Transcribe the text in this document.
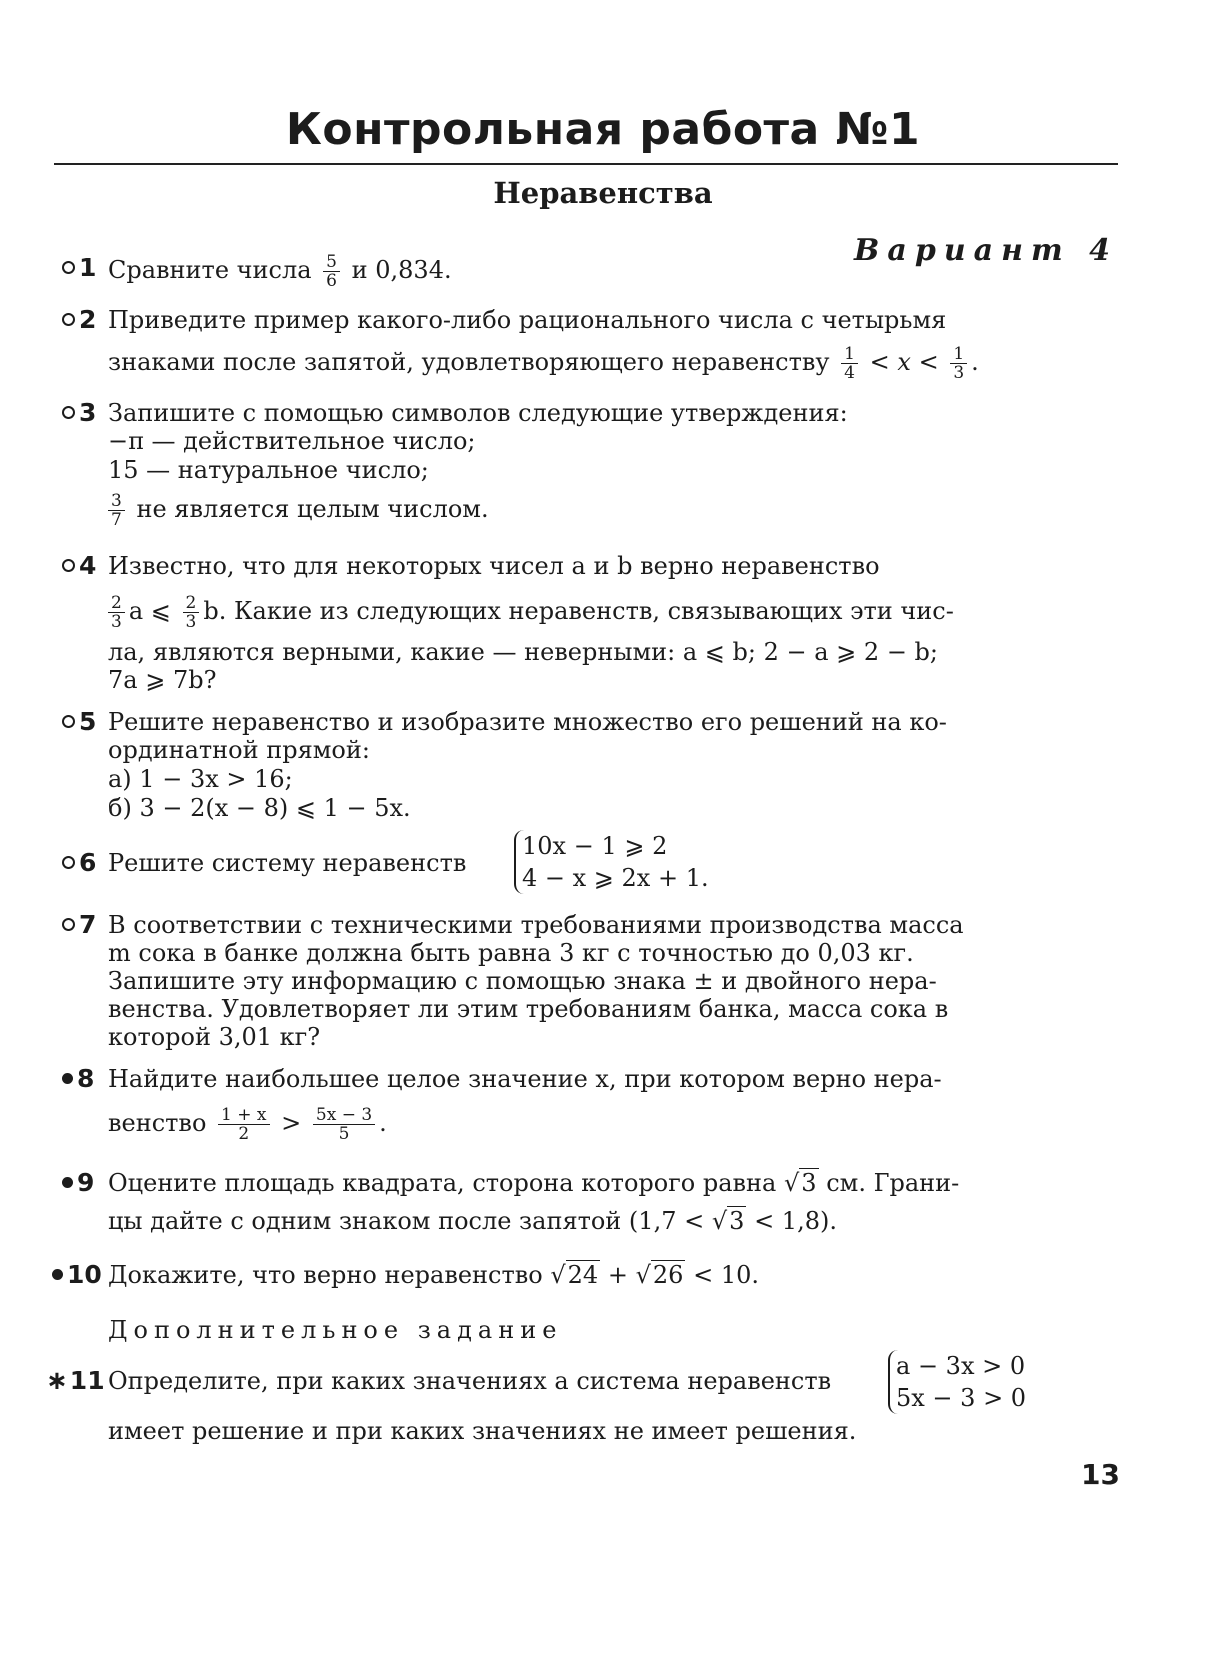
Контрольная работа №1
Неравенства
Вариант 4
1 Сравните числа $\frac{5}{6}$ и 0,834.
2 Приведите пример какого-либо рационального числа с четырьмя
знаками после запятой, удовлетворяющего неравенству $\frac{1}{4} < x < \frac{1}{3}$ .
3 Запишите с помощью символов следующие утверждения:
−π — действительное число;
15 — натуральное число;
$\frac{3}{7}$ не является целым числом.
4 Известно, что для некоторых чисел a и b верно неравенство
$\frac{2}{3}$ a ⩽ $\frac{2}{3} b$. Какие из следующих неравенств, связывающих эти чис-
ла, являются верными, какие — неверными: a ⩽ b; 2 − a ⩾ 2 − b;
7a ⩾ 7b?
5 Решите неравенство и изобразите множество его решений на ко-
ординатной прямой:
а) 1 − 3x > 16;
б) 3 − 2(x − 8) ⩽ 1 − 5x.
6 Решите систему неравенств
10x − 1 ⩾ 2
4 − x ⩾ 2x + 1.
7 В соответствии с техническими требованиями производства масса
m сока в банке должна быть равна 3 кг с точностью до 0,03 кг.
Запишите эту информацию с помощью знака ± и двойного нера-
венства. Удовлетворяет ли этим требованиям банка, масса сока в
которой 3,01 кг?
8 Найдите наибольшее целое значение x, при котором верно нера-
венство $\frac{1 + x}{2} > \frac{5x - 3}{5}$ .
9 Оцените площадь квадрата, сторона которого равна √3 см. Грани-
цы дайте с одним знаком после запятой (1,7 < √3 < 1,8).
10 Докажите, что верно неравенство √24 + √26 < 10.
Дополнительное задание
∗11 Определите, при каких значениях a система неравенств
a − 3x > 0
5x − 3 > 0
имеет решение и при каких значениях не имеет решения.
13
